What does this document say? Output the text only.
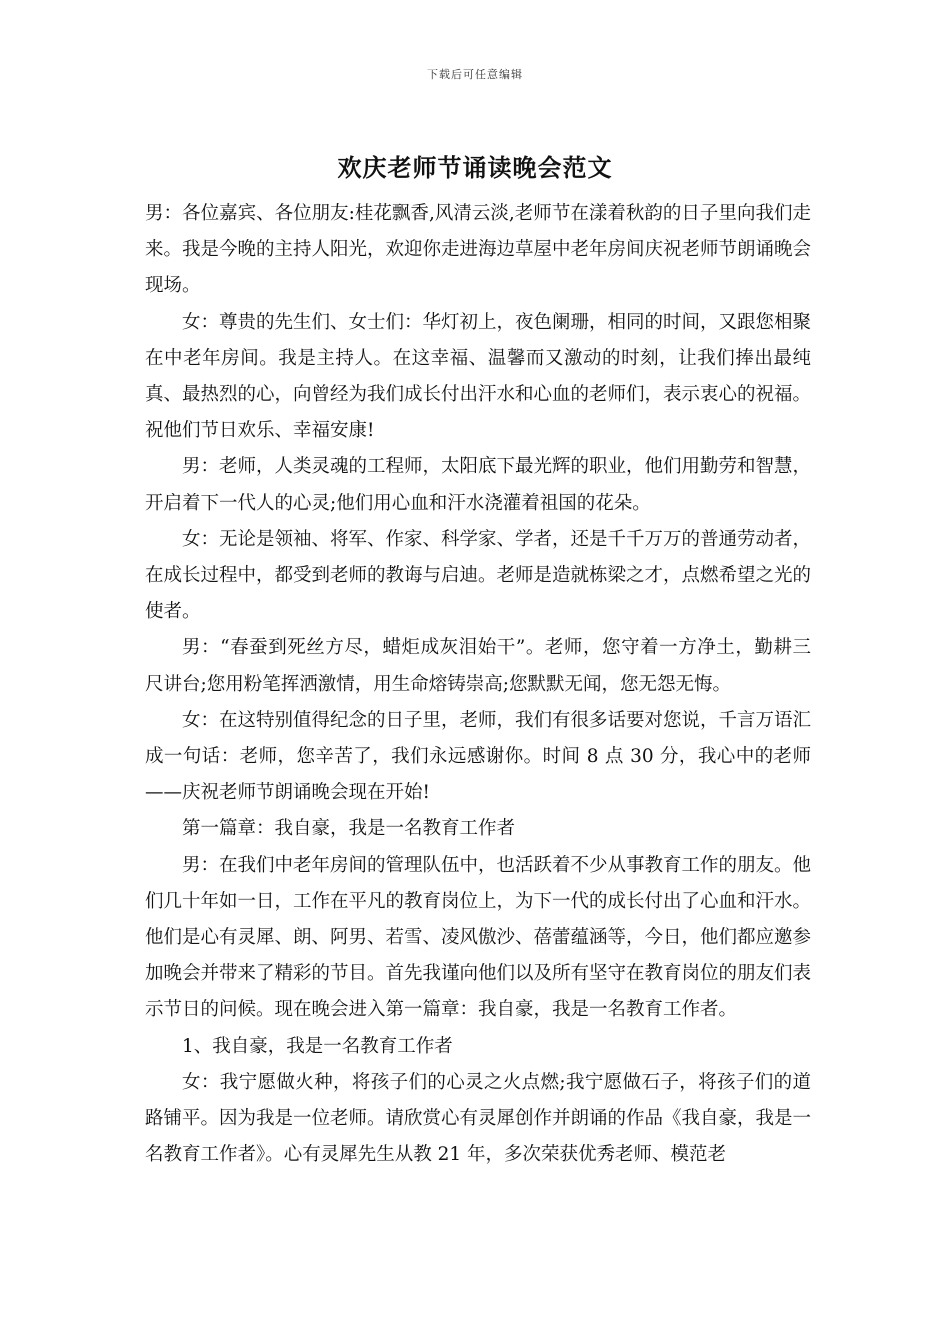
下载后可任意编辑
欢庆老师节诵读晚会范文

男：各位嘉宾、各位朋友:桂花飘香,风清云淡,老师节在漾着秋韵的日子里向我们走来。我是今晚的主持人阳光，欢迎你走进海边草屋中老年房间庆祝老师节朗诵晚会现场。

女：尊贵的先生们、女士们：华灯初上，夜色阑珊，相同的时间，又跟您相聚在中老年房间。我是主持人。在这幸福、温馨而又激动的时刻，让我们捧出最纯真、最热烈的心，向曾经为我们成长付出汗水和心血的老师们，表示衷心的祝福。祝他们节日欢乐、幸福安康!

男：老师，人类灵魂的工程师，太阳底下最光辉的职业，他们用勤劳和智慧，开启着下一代人的心灵;他们用心血和汗水浇灌着祖国的花朵。

女：无论是领袖、将军、作家、科学家、学者，还是千千万万的普通劳动者，在成长过程中，都受到老师的教诲与启迪。老师是造就栋梁之才，点燃希望之光的使者。

男：“春蚕到死丝方尽，蜡炬成灰泪始干”。老师，您守着一方净土，勤耕三尺讲台;您用粉笔挥洒激情，用生命熔铸崇高;您默默无闻，您无怨无悔。

女：在这特别值得纪念的日子里，老师，我们有很多话要对您说，千言万语汇成一句话：老师，您辛苦了，我们永远感谢你。时间 8 点 30 分，我心中的老师——庆祝老师节朗诵晚会现在开始!

第一篇章：我自豪，我是一名教育工作者

男：在我们中老年房间的管理队伍中，也活跃着不少从事教育工作的朋友。他们几十年如一日，工作在平凡的教育岗位上，为下一代的成长付出了心血和汗水。他们是心有灵犀、朗、阿男、若雪、凌风傲沙、蓓蕾蕴涵等，今日，他们都应邀参加晚会并带来了精彩的节目。首先我谨向他们以及所有坚守在教育岗位的朋友们表示节日的问候。现在晚会进入第一篇章：我自豪，我是一名教育工作者。

1、我自豪，我是一名教育工作者

女：我宁愿做火种，将孩子们的心灵之火点燃;我宁愿做石子，将孩子们的道路铺平。因为我是一位老师。请欣赏心有灵犀创作并朗诵的作品《我自豪，我是一名教育工作者》。心有灵犀先生从教 21 年，多次荣获优秀老师、模范老
